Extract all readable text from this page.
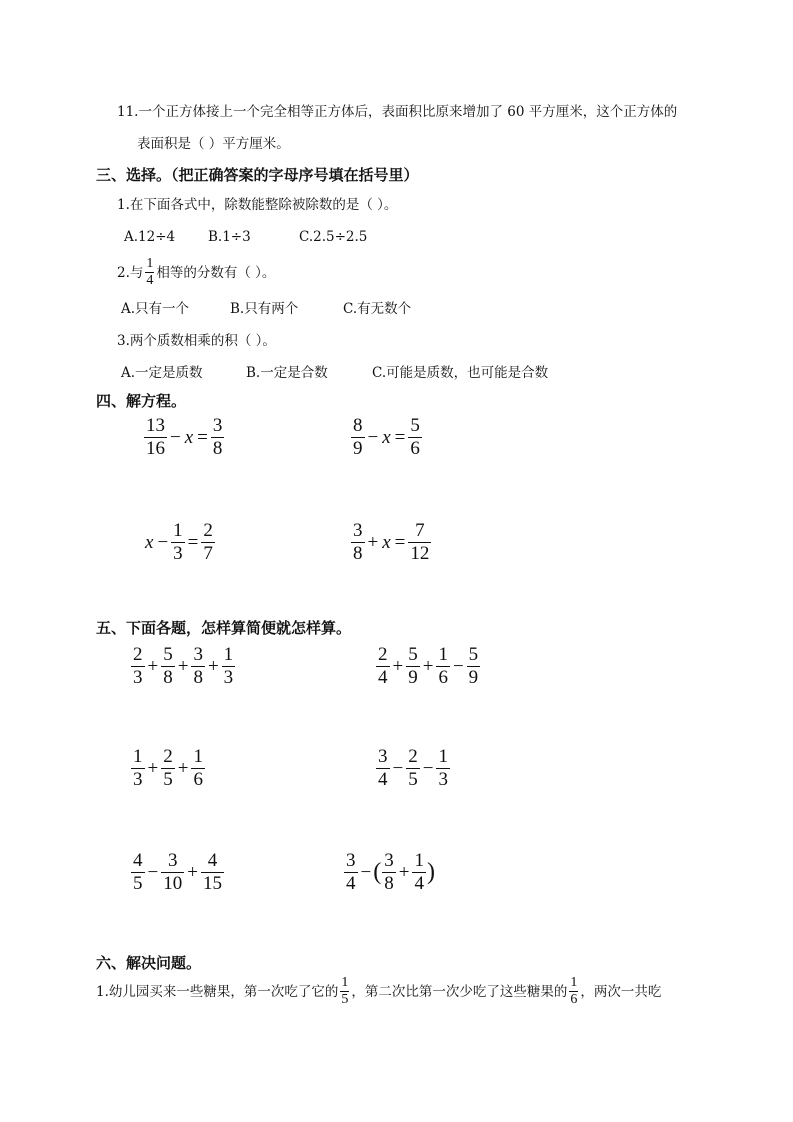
11.一个正方体接上一个完全相等正方体后，表面积比原来增加了 60 平方厘米，这个正方体的
表面积是（ ）平方厘米。
三、选择。（把正确答案的字母序号填在括号里）
1.在下面各式中，除数能整除被除数的是（ ）。
A.12÷4 B.1÷3	C.2.5÷2.5
2.与 $\frac{1}{4}$ 相等的分数有（ ）。
A.只有一个	B.只有两个	C.有无数个
3.两个质数相乘的积（ ）。
A.一定是质数	B.一定是合数	C.可能是质数，也可能是合数
四、解方程。
$\frac{13}{16} - x = \frac{3}{8}$	$\frac{8}{9} - x = \frac{5}{6}$
$x - \frac{1}{3} = \frac{2}{7}$	$\frac{3}{8} + x = \frac{7}{12}$
五、下面各题，怎样算简便就怎样算。
$\frac{2}{3} + \frac{5}{8} + \frac{3}{8} + \frac{1}{3}$	$\frac{2}{4} + \frac{5}{9} + \frac{1}{6} - \frac{5}{9}$
$\frac{1}{3} + \frac{2}{5} + \frac{1}{6}$	$\frac{3}{4} - \frac{2}{5} - \frac{1}{3}$
$\frac{4}{5} - \frac{3}{10} + \frac{4}{15}$	$\frac{3}{4}$ − ( $\frac{3}{8} + \frac{1}{4}$ )
六、解决问题。
1.幼儿园买来一些糖果，第一次吃了它的 $\frac{1}{5}$ ，第二次比第一次少吃了这些糖果的 $\frac{1}{6}$ ，两次一共吃
